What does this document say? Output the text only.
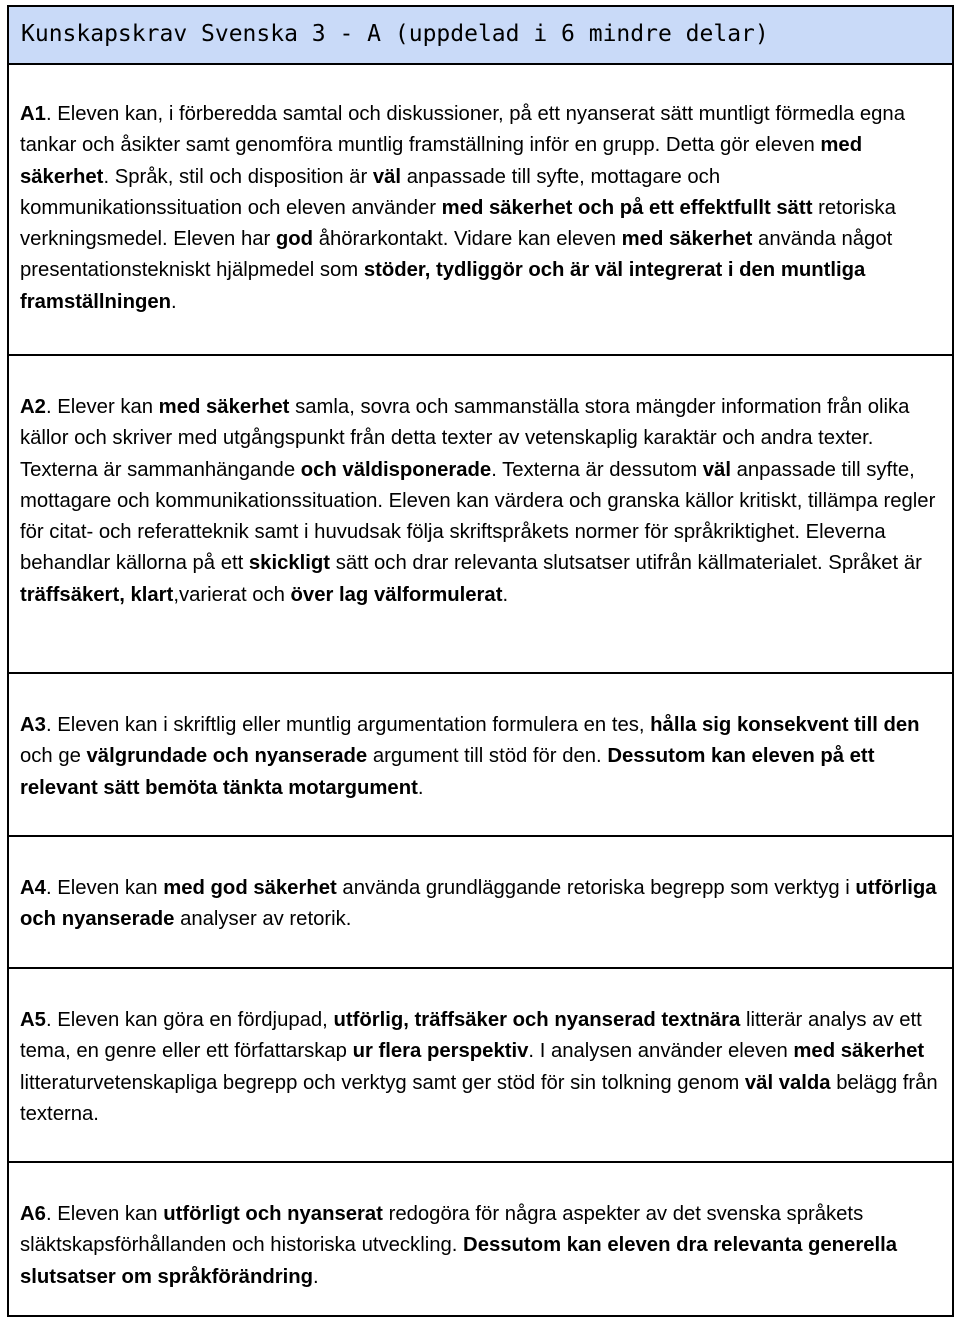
Kunskapskrav Svenska 3 - A (uppdelad i 6 mindre delar)
A1. Eleven kan, i förberedda samtal och diskussioner, på ett nyanserat sätt muntligt förmedla egna tankar och åsikter samt genomföra muntlig framställning inför en grupp. Detta gör eleven med säkerhet. Språk, stil och disposition är väl anpassade till syfte, mottagare och kommunikationssituation och eleven använder med säkerhet och på ett effektfullt sätt retoriska verkningsmedel. Eleven har god åhörarkontakt. Vidare kan eleven med säkerhet använda något presentationstekniskt hjälpmedel som stöder, tydliggör och är väl integrerat i den muntliga framställningen.
A2. Elever kan med säkerhet samla, sovra och sammanställa stora mängder information från olika källor och skriver med utgångspunkt från detta texter av vetenskaplig karaktär och andra texter. Texterna är sammanhängande och väldisponerade. Texterna är dessutom väl anpassade till syfte, mottagare och kommunikationssituation. Eleven kan värdera och granska källor kritiskt, tillämpa regler för citat- och referatteknik samt i huvudsak följa skriftspråkets normer för språkriktighet. Eleverna behandlar källorna på ett skickligt sätt och drar relevanta slutsatser utifrån källmaterialet. Språket är träffsäkert, klart,varierat och över lag välformulerat.
A3. Eleven kan i skriftlig eller muntlig argumentation formulera en tes, hålla sig konsekvent till den och ge välgrundade och nyanserade argument till stöd för den. Dessutom kan eleven på ett relevant sätt bemöta tänkta motargument.
A4. Eleven kan med god säkerhet använda grundläggande retoriska begrepp som verktyg i utförliga och nyanserade analyser av retorik.
A5. Eleven kan göra en fördjupad, utförlig, träffsäker och nyanserad textnära litterär analys av ett tema, en genre eller ett författarskap ur flera perspektiv. I analysen använder eleven med säkerhet litteraturvetenskapliga begrepp och verktyg samt ger stöd för sin tolkning genom väl valda belägg från texterna.
A6. Eleven kan utförligt och nyanserat redogöra för några aspekter av det svenska språkets släktskapsförhållanden och historiska utveckling. Dessutom kan eleven dra relevanta generella slutsatser om språkförändring.
